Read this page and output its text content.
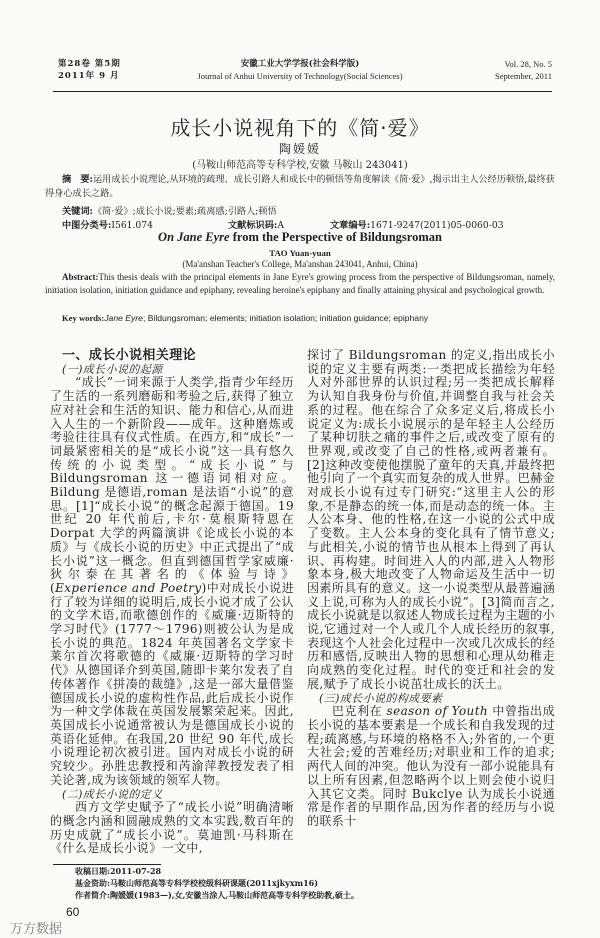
第28卷 第5期
2011年 9 月
安徽工业大学学报(社会科学版)
Journal of Anhui University of Technology(Social Sciences)
Vol. 28, No. 5
September, 2011
成长小说视角下的《简·爱》
陶媛媛
(马鞍山师范高等专科学校,安徽 马鞍山 243041)
摘　要:运用成长小说理论,从环境的疏理、成长引路人和成长中的顿悟等角度解读《简·爱》,揭示出主人公经历顿悟,最终获得身心成长之路。
关键词:《简·爱》;成长小说;要素;疏离感;引路人;顿悟
中图分类号:I561.074	文献标识码:A	文章编号:1671-9247(2011)05-0060-03
On Jane Eyre from the Perspective of Bildungsroman
TAO Yuan-yuan
(Ma'anshan Teacher's College, Ma'anshan 243041, Anhui, China)
Abstract:This thesis deals with the principal elements in Jane Eyre's growing process from the perspective of Bildungsroman, namely, initiation isolation, initiation guidance and epiphany, revealing heroine's epiphany and finally attaining physical and psychological growth.
Key words:Jane Eyre; Bildungsroman; elements; initiation isolation; initiation guidance; epiphany
一、成长小说相关理论
(一)成长小说的起源

“成长”一词来源于人类学,指青少年经历了生活的一系列磨砺和考验之后,获得了独立应对社会和生活的知识、能力和信心,从而进入人生的一个新阶段——成年。这种磨炼或考验往往具有仪式性质。在西方,和“成长”一词最紧密相关的是“成长小说”这一具有悠久传统的小说类型。“成长小说”与 Bildungsroman 这一德语词相对应。Bildung 是德语,roman 是法语“小说”的意思。[1]“成长小说”的概念起源于德国。19 世纪 20 年代前后,卡尔·莫根斯特恩在 Dorpat 大学的两篇演讲《论成长小说的本质》与《成长小说的历史》中正式提出了“成长小说”这一概念。但直到德国哲学家威廉·狄尔泰在其著名的《体验与诗》(Experience and Poetry)中对成长小说进行了较为详细的说明后,成长小说才成了公认的文学术语,而歌德创作的《威廉·迈斯特的学习时代》(1777～1796)则被公认为是成长小说的典范。1824 年英国著名文学家卡莱尔首次将歌德的《威廉·迈斯特的学习时代》从德国译介到英国,随即卡莱尔发表了自传体著作《拼凑的裁缝》,这是一部大量借鉴德国成长小说的虚构性作品,此后成长小说作为一种文学体裁在英国发展繁荣起来。因此,英国成长小说通常被认为是德国成长小说的英语化延伸。在我国,20 世纪 90 年代,成长小说理论初次被引进。国内对成长小说的研究较少。孙胜忠教授和芮渝萍教授发表了相关论著,成为该领域的领军人物。

(二)成长小说的定义

西方文学史赋予了“成长小说”明确清晰的概念内涵和圆融成熟的文本实践,数百年的历史成就了“成长小说”。莫迪凯·马科斯在《什么是成长小说》一文中,

探讨了 Bildungsroman 的定义,指出成长小说的定义主要有两类:一类把成长描绘为年轻人对外部世界的认识过程;另一类把成长解释为认知自我身份与价值,并调整自我与社会关系的过程。他在综合了众多定义后,将成长小说定义为:成长小说展示的是年轻主人公经历了某种切肤之痛的事件之后,或改变了原有的世界观,或改变了自己的性格,或两者兼有。[2]这种改变使他摆脱了童年的天真,并最终把他引向了一个真实而复杂的成人世界。巴赫金对成长小说有过专门研究:“这里主人公的形象,不是静态的统一体,而是动态的统一体。主人公本身、他的性格,在这一小说的公式中成了变数。主人公本身的变化具有了情节意义;与此相关,小说的情节也从根本上得到了再认识、再构建。时间进入人的内部,进入人物形象本身,极大地改变了人物命运及生活中一切因素所具有的意义。这一小说类型从最普遍涵义上说,可称为人的成长小说”。[3]简而言之,成长小说就是以叙述人物成长过程为主题的小说,它通过对一个人或几个人成长经历的叙事,表现这个人社会化过程中一次或几次成长的经历和感悟,反映出人物的思想和心理从幼稚走向成熟的变化过程。时代的变迁和社会的发展,赋予了成长小说茁壮成长的沃土。

(三)成长小说的构成要素

巴克利在 season of Youth 中曾指出成长小说的基本要素是一个成长和自我发现的过程;疏离感,与环境的格格不入;外省的,一个更大社会;爱的苦难经历;对职业和工作的追求;两代人间的冲突。他认为没有一部小说能具有以上所有因素,但忽略两个以上则会使小说归入其它文类。同时 Bukclye 认为成长小说通常是作者的早期作品,因为作者的经历与小说的联系十

收稿日期:2011-07-28
基金资助:马鞍山师范高等专科学校校级科研课题(2011xjkyxm16)
作者简介:陶媛媛(1983—),女,安徽当涂人,马鞍山师范高等专科学校助教,硕士。
60
万方数据
